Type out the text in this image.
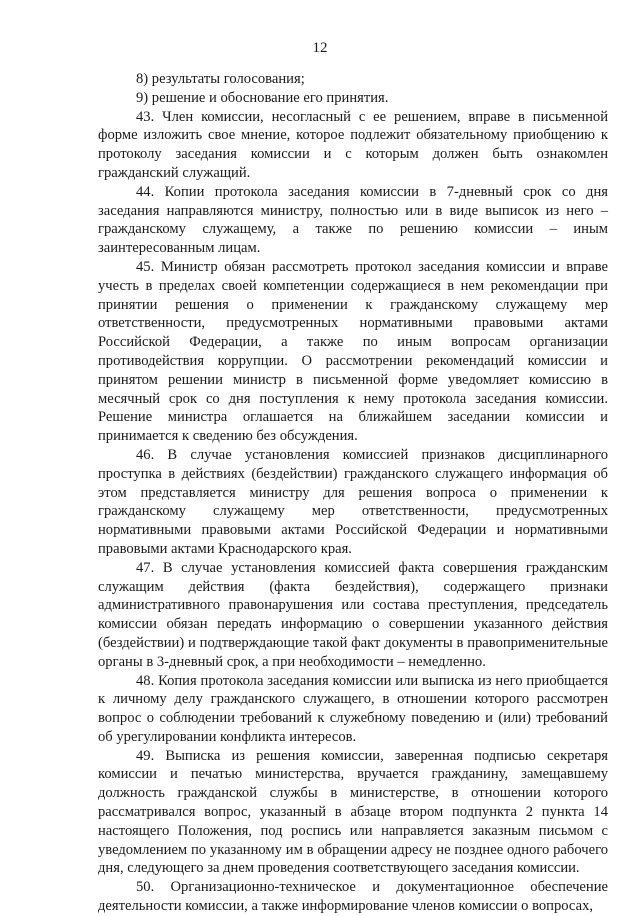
12

8) результаты голосования;

9) решение и обоснование его принятия.

43. Член комиссии, несогласный с ее решением, вправе в письменной форме изложить свое мнение, которое подлежит обязательному приобщению к протоколу заседания комиссии и с которым должен быть ознакомлен гражданский служащий.

44. Копии протокола заседания комиссии в 7-дневный срок со дня заседания направляются министру, полностью или в виде выписок из него – гражданскому служащему, а также по решению комиссии – иным заинтересованным лицам.

45. Министр обязан рассмотреть протокол заседания комиссии и вправе учесть в пределах своей компетенции содержащиеся в нем рекомендации при принятии решения о применении к гражданскому служащему мер ответственности, предусмотренных нормативными правовыми актами Российской Федерации, а также по иным вопросам организации противодействия коррупции. О рассмотрении рекомендаций комиссии и принятом решении министр в письменной форме уведомляет комиссию в месячный срок со дня поступления к нему протокола заседания комиссии. Решение министра оглашается на ближайшем заседании комиссии и принимается к сведению без обсуждения.

46. В случае установления комиссией признаков дисциплинарного проступка в действиях (бездействии) гражданского служащего информация об этом представляется министру для решения вопроса о применении к гражданскому служащему мер ответственности, предусмотренных нормативными правовыми актами Российской Федерации и нормативными правовыми актами Краснодарского края.

47. В случае установления комиссией факта совершения гражданским служащим действия (факта бездействия), содержащего признаки административного правонарушения или состава преступления, председатель комиссии обязан передать информацию о совершении указанного действия (бездействии) и подтверждающие такой факт документы в правоприменительные органы в 3-дневный срок, а при необходимости – немедленно.

48. Копия протокола заседания комиссии или выписка из него приобщается к личному делу гражданского служащего, в отношении которого рассмотрен вопрос о соблюдении требований к служебному поведению и (или) требований об урегулировании конфликта интересов.

49. Выписка из решения комиссии, заверенная подписью секретаря комиссии и печатью министерства, вручается гражданину, замещавшему должность гражданской службы в министерстве, в отношении которого рассматривался вопрос, указанный в абзаце втором подпункта 2 пункта 14 настоящего Положения, под роспись или направляется заказным письмом с уведомлением по указанному им в обращении адресу не позднее одного рабочего дня, следующего за днем проведения соответствующего заседания комиссии.

50. Организационно-техническое и документационное обеспечение деятельности комиссии, а также информирование членов комиссии о вопросах,
